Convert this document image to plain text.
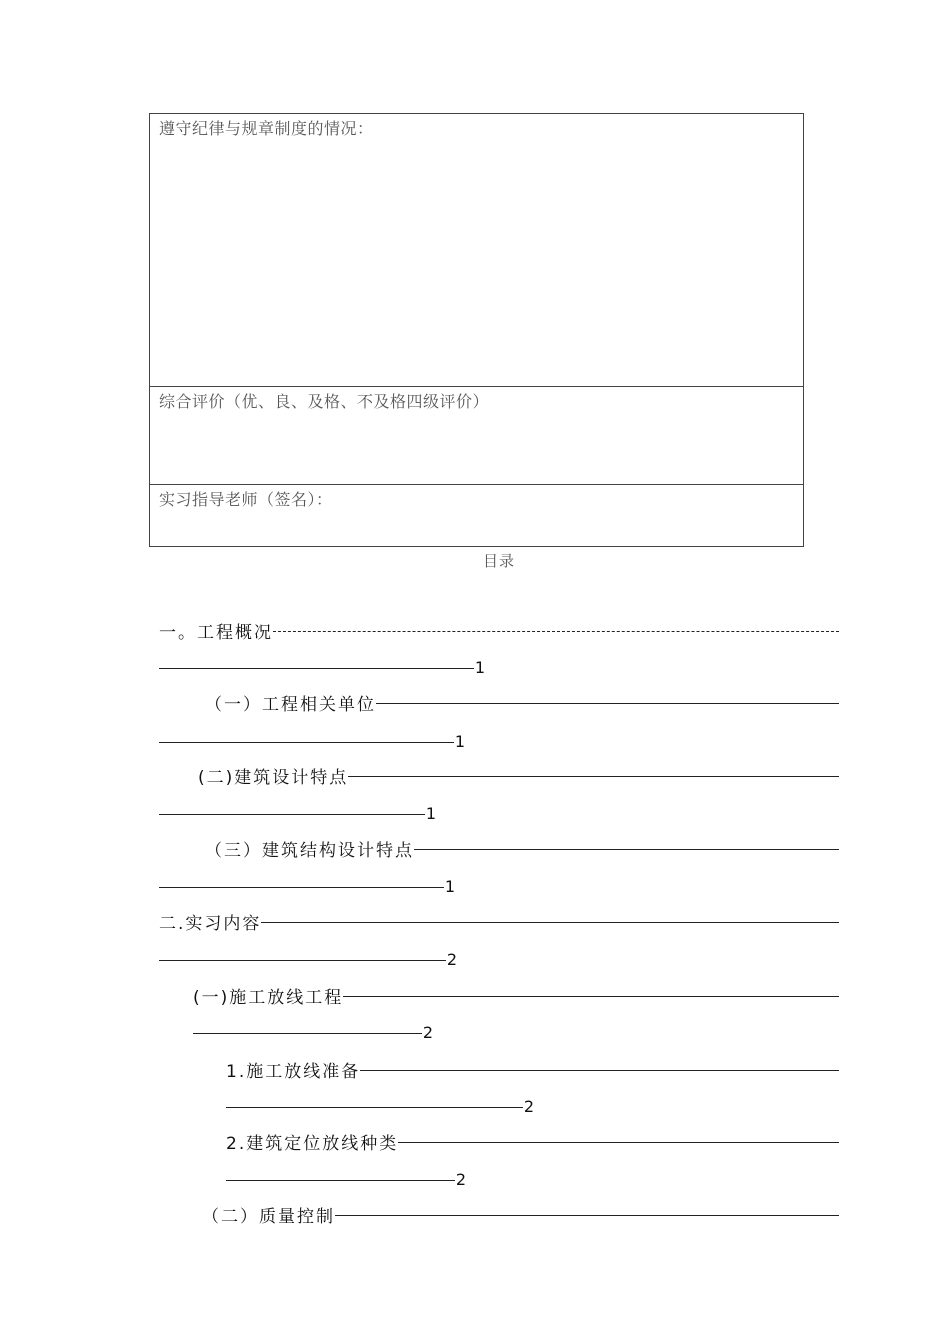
遵守纪律与规章制度的情况：
综合评价（优、良、及格、不及格四级评价）
实习指导老师（签名）：
目录
一。工程概况
1
（一）工程相关单位
1
(二)建筑设计特点
1
（三）建筑结构设计特点
1
二.实习内容
2
(一)施工放线工程
2
1.施工放线准备
2
2.建筑定位放线种类
2
（二）质量控制
